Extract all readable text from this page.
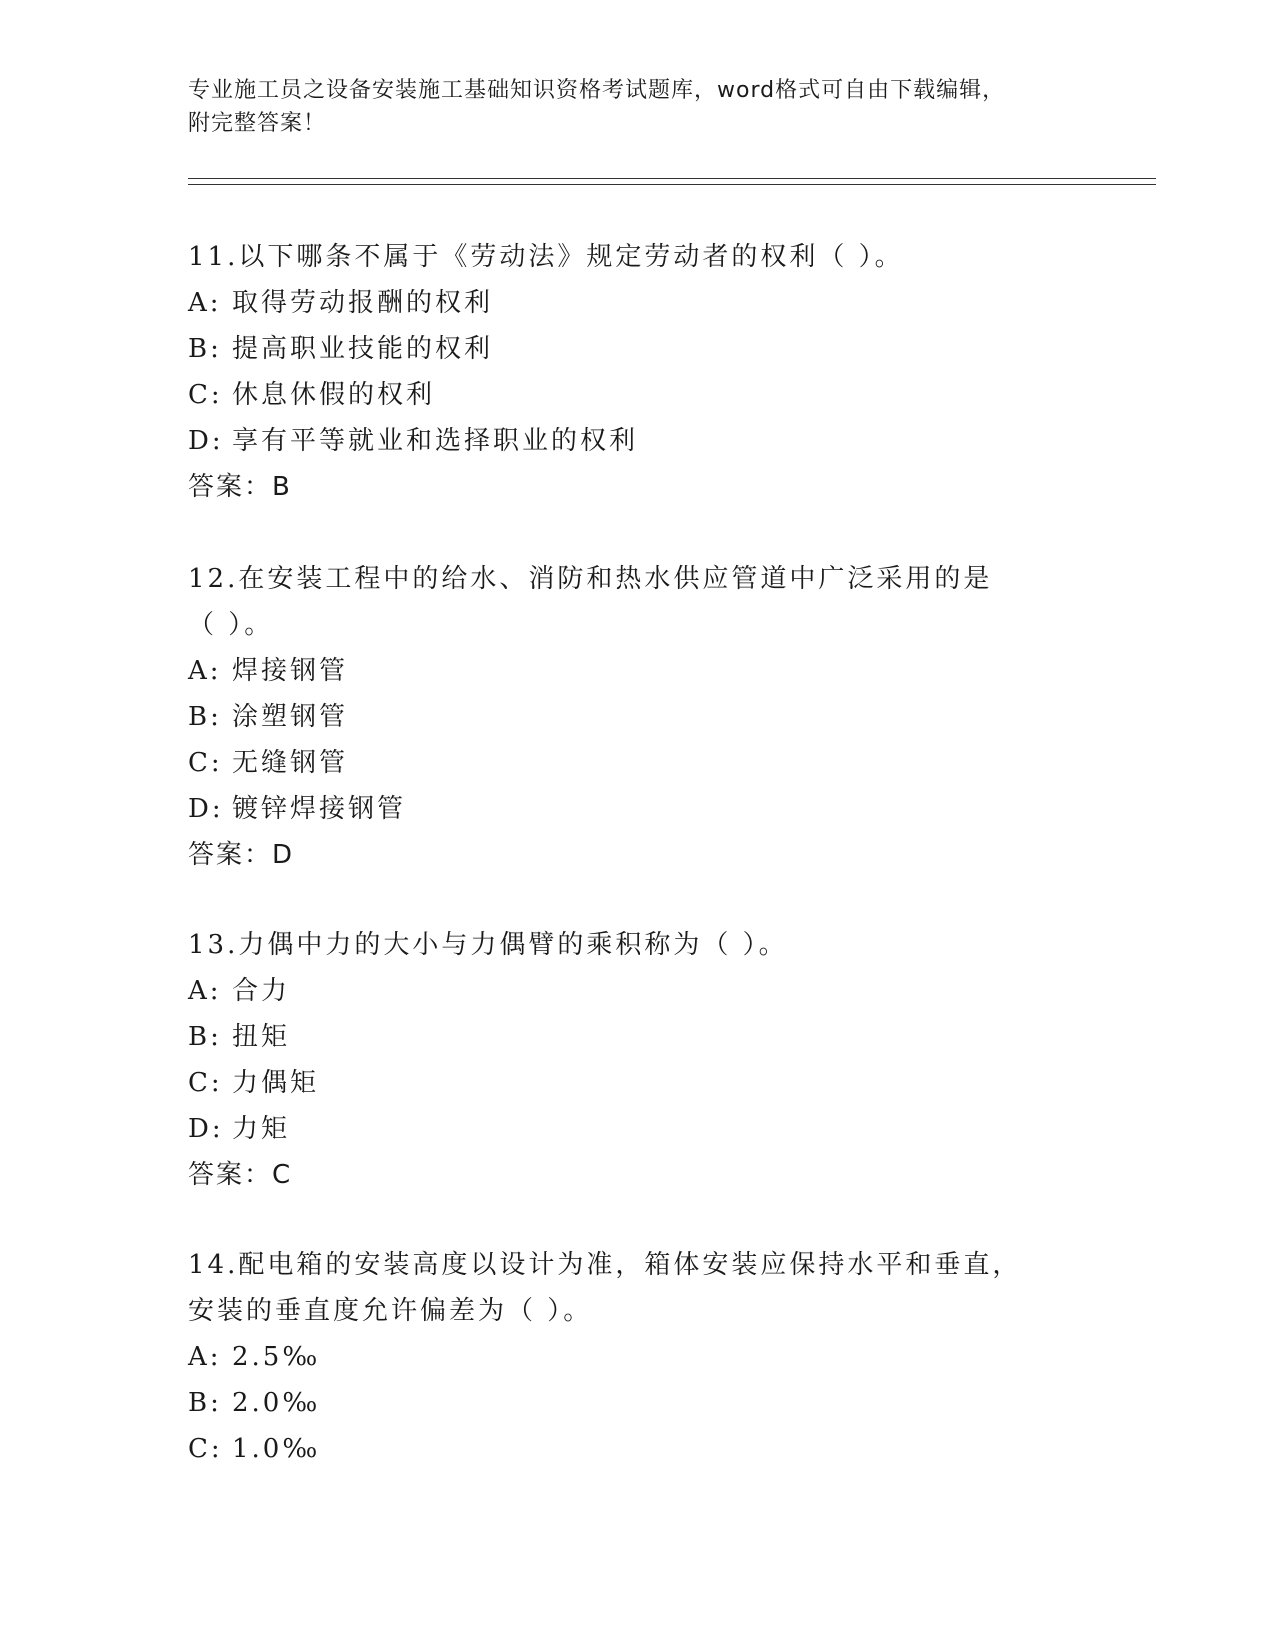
专业施工员之设备安装施工基础知识资格考试题库，word格式可自由下载编辑，
附完整答案！

11.以下哪条不属于《劳动法》规定劳动者的权利（ ）。

A: 取得劳动报酬的权利

B: 提高职业技能的权利

C: 休息休假的权利

D: 享有平等就业和选择职业的权利

答案：B

12.在安装工程中的给水、消防和热水供应管道中广泛采用的是（ ）。

A: 焊接钢管

B: 涂塑钢管

C: 无缝钢管

D: 镀锌焊接钢管

答案：D

13.力偶中力的大小与力偶臂的乘积称为（ ）。

A: 合力

B: 扭矩

C: 力偶矩

D: 力矩

答案：C

14.配电箱的安装高度以设计为准，箱体安装应保持水平和垂直，安装的垂直度允许偏差为（ ）。

A: 2.5‰

B: 2.0‰

C: 1.0‰
